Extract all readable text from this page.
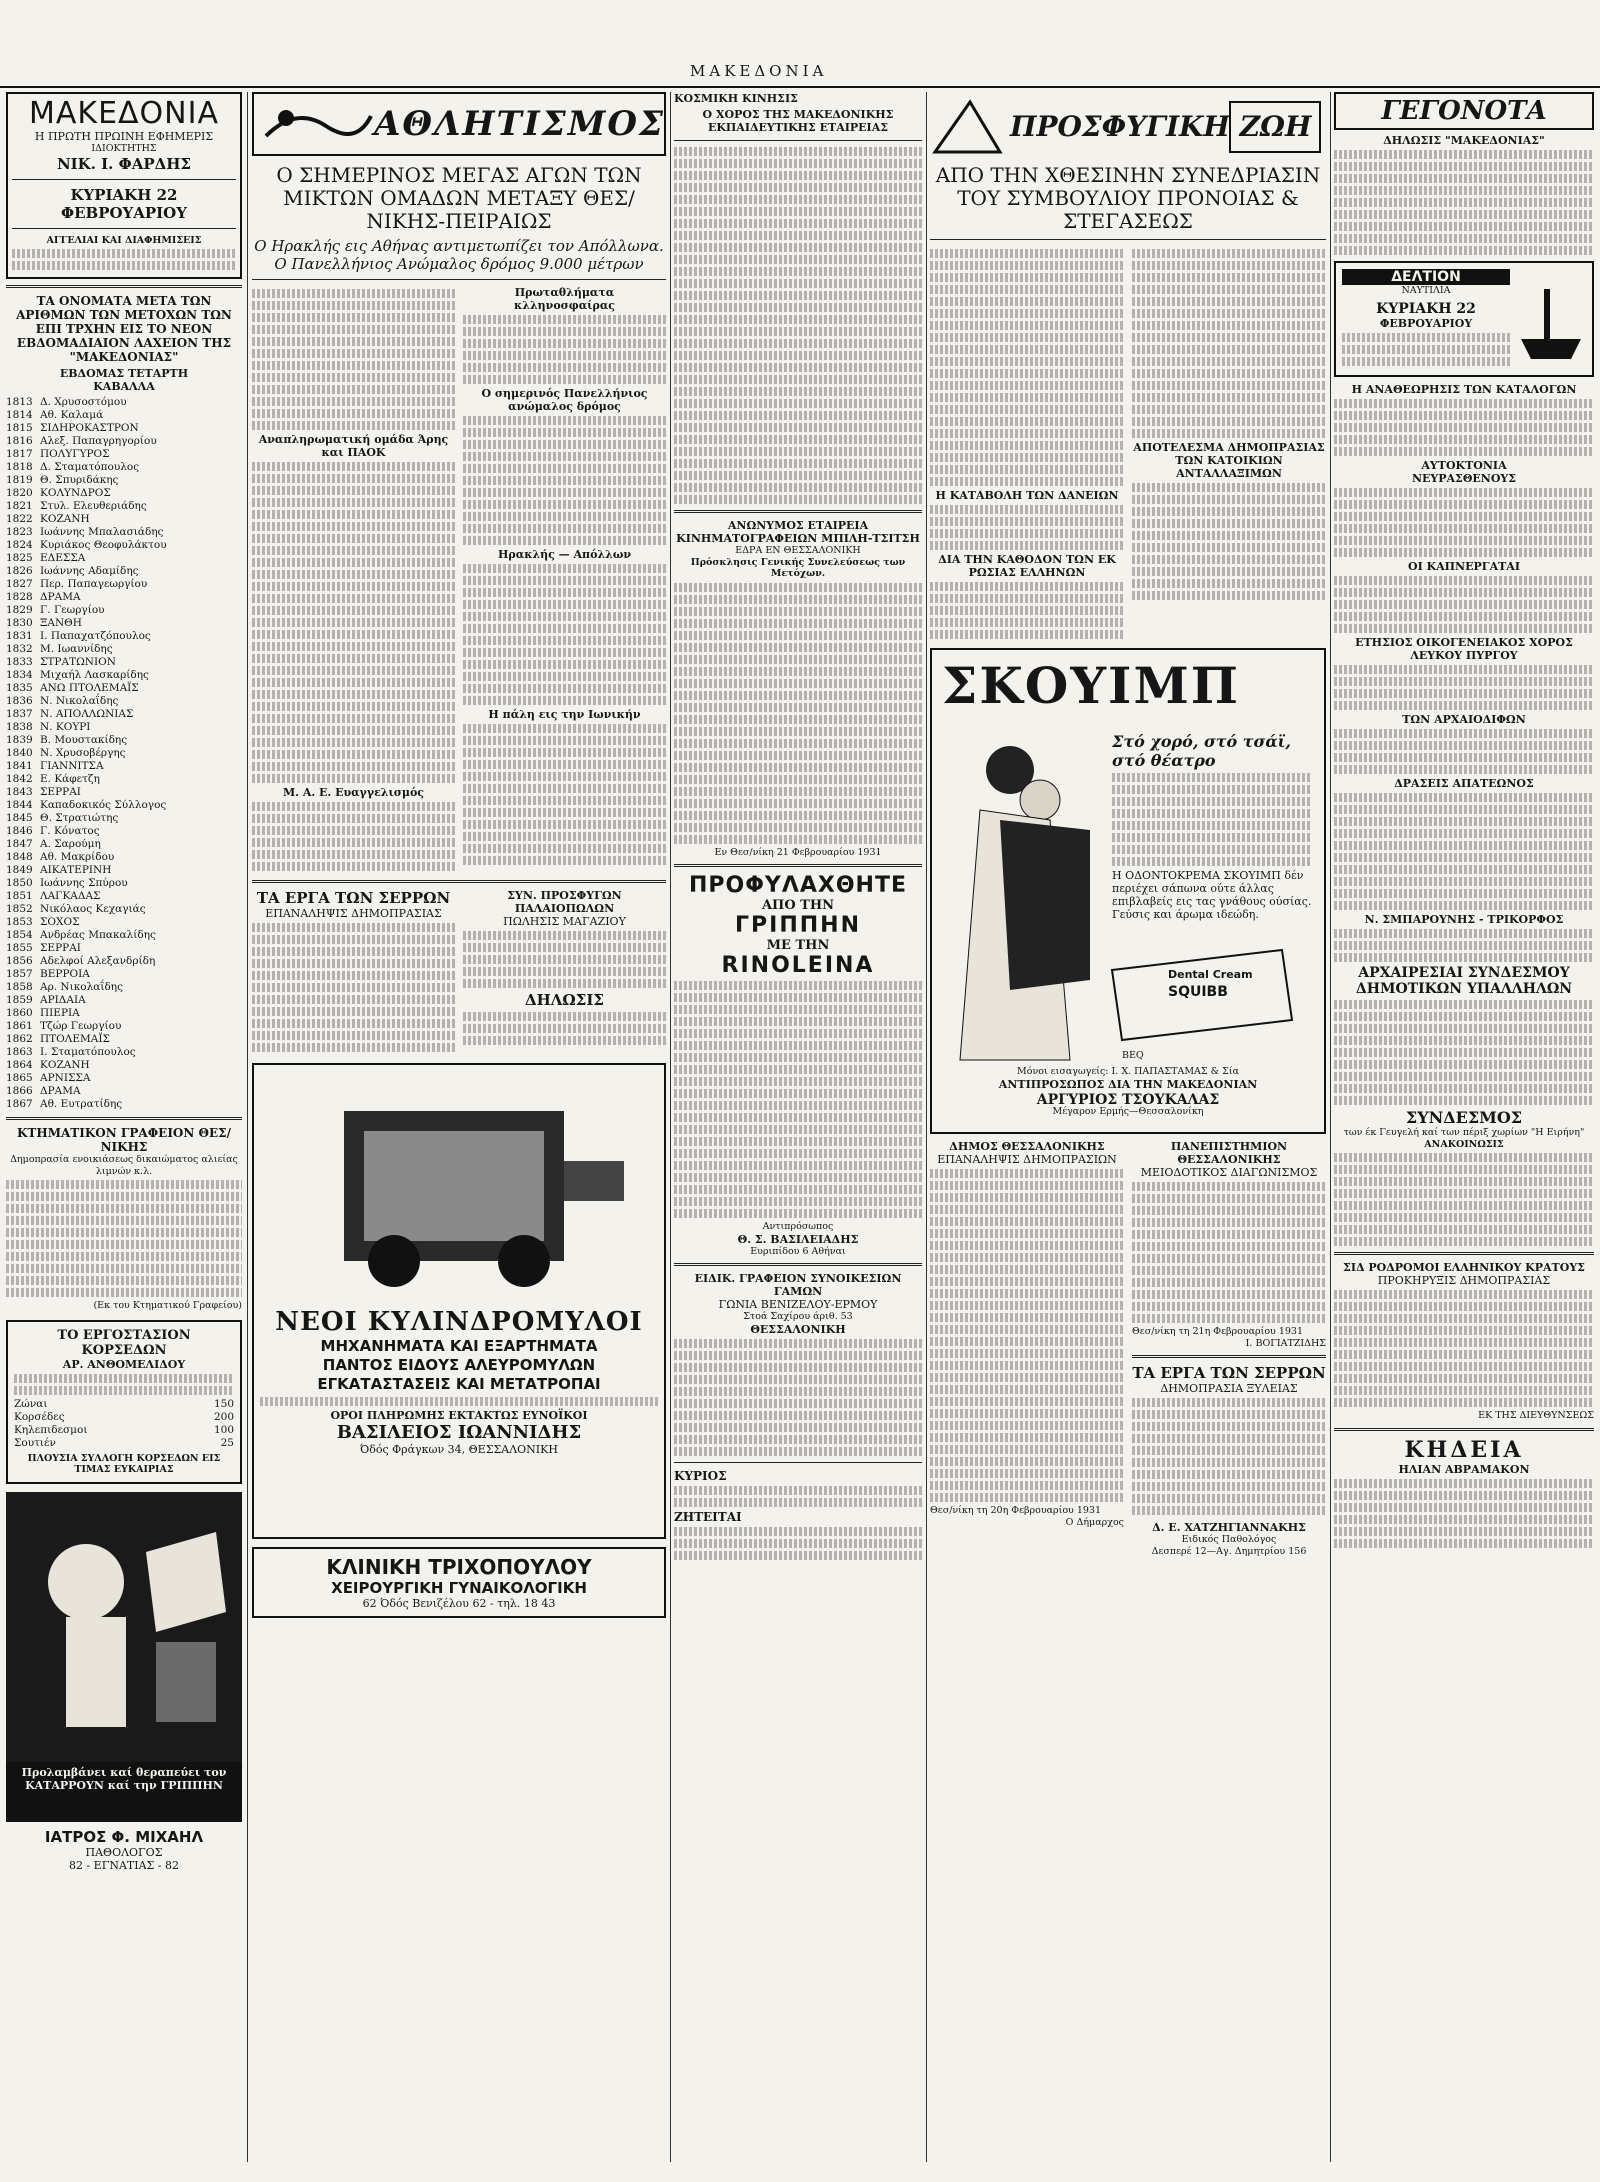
ΜΑΚΕΔΟΝΙΑ
ΜΑΚΕΔΟΝΙΑ
Η ΠΡΩΤΗ ΠΡΩΙΝΗ ΕΦΗΜΕΡΙΣ
ΙΔΙΟΚΤΗΤΗΣ
ΝΙΚ. Ι. ΦΑΡΔΗΣ
ΚΥΡΙΑΚΗ 22 ΦΕΒΡΟΥΑΡΙΟΥ
ΑΓΓΕΛΙΑΙ ΚΑΙ ΔΙΑΦΗΜΙΣΕΙΣ
ΤΑ ΟΝΟΜΑΤΑ ΜΕΤΑ ΤΩΝ ΑΡΙΘΜΩΝ ΤΩΝ ΜΕΤΟΧΩΝ ΤΩΝ ΕΠΙ ΤΡΧΗΝ ΕΙΣ ΤΟ ΝΕΟΝ ΕΒΔΟΜΑΔΙΑΙΟΝ ΛΑΧΕΙΟΝ ΤΗΣ "ΜΑΚΕΔΟΝΙΑΣ"
ΕΒΔΟΜΑΣ ΤΕΤΑΡΤΗ
ΚΑΒΑΛΛΑ
1813 Δ. Χρυσοστόμου
1814 Αθ. Καλαμά
1815 ΣΙΔΗΡΟΚΑΣΤΡΟΝ
1816 Αλεξ. Παπαγρηγορίου
1817 ΠΟΛΥΓΥΡΟΣ
1818 Δ. Σταματόπουλος
1819 Θ. Σπυριδάκης
1820 ΚΟΛΥΝΔΡΟΣ
1821 Στυλ. Ελευθεριάδης
1822 ΚΟΖΑΝΗ
1823 Ιωάννης Μπαλασιάδης
1824 Κυριάκος Θεοφυλάκτου
1825 ΕΔΕΣΣΑ
1826 Ιωάννης Αδαμίδης
1827 Περ. Παπαγεωργίου
1828 ΔΡΑΜΑ
1829 Γ. Γεωργίου
1830 ΞΑΝΘΗ
1831 Ι. Παπαχατζόπουλος
1832 Μ. Ιωαννίδης
1833 ΣΤΡΑΤΩΝΙΟΝ
1834 Μιχαήλ Λασκαρίδης
1835 ΑΝΩ ΠΤΟΛΕΜΑΪΣ
1836 Ν. Νικολαΐδης
1837 Ν. ΑΠΟΛΛΩΝΙΑΣ
1838 Ν. ΚΟΥΡΙ
1839 Β. Μουστακίδης
1840 Ν. Χρυσοβέργης
1841 ΓΙΑΝΝΙΤΣΑ
1842 Ε. Κάφετζη
1843 ΣΕΡΡΑΙ
1844 Καπαδοκικός Σύλλογος
1845 Θ. Στρατιώτης
1846 Γ. Κόνατος
1847 Α. Σαρούμη
1848 Αθ. Μακρίδου
1849 ΑΙΚΑΤΕΡΙΝΗ
1850 Ιωάννης Σπύρου
1851 ΛΑΓΚΑΔΑΣ
1852 Νικόλαος Κεχαγιάς
1853 ΣΟΧΟΣ
1854 Ανδρέας Μπακαλίδης
1855 ΣΕΡΡΑΙ
1856 Αδελφοί Αλεξανδρίδη
1857 ΒΕΡΡΟΙΑ
1858 Αρ. Νικολαΐδης
1859 ΑΡΙΔΑΙΑ
1860 ΠΙΕΡΙΑ
1861 Τζώρ Γεωργίου
1862 ΠΤΟΛΕΜΑΪΣ
1863 Ι. Σταματόπουλος
1864 ΚΟΖΑΝΗ
1865 ΑΡΝΙΣΣΑ
1866 ΔΡΑΜΑ
1867 Αθ. Ευτρατίδης
ΚΤΗΜΑΤΙΚΟΝ ΓΡΑΦΕΙΟΝ ΘΕΣ/ΝΙΚΗΣ
Δημοπρασία ενοικιάσεως δικαιώματος αλιείας λιμνών κ.λ.
(Εκ του Κτηματικού Γραφείου)
ΤΟ ΕΡΓΟΣΤΑΣΙΟΝ ΚΟΡΣΕΔΩΝ
ΑΡ. ΑΝΘΟΜΕΛΙΔΟΥ
Ζώναι	150
Κορσέδες	200
Κηλεπιδεσμοι	100
Σουτιέν	25
ΠΛΟΥΣΙΑ ΣΥΛΛΟΓΗ ΚΟΡΣΕΔΩΝ ΕΙΣ ΤΙΜΑΣ ΕΥΚΑΙΡΙΑΣ
Προλαμβάνει καί θεραπεύει τον ΚΑΤΑΡΡΟΥΝ καί την ΓΡΙΠΠΗΝ
ΙΑΤΡΟΣ Φ. ΜΙΧΑΗΛ
ΠΑΘΟΛΟΓΟΣ
82 - ΕΓΝΑΤΙΑΣ - 82
ΑΘΛΗΤΙΣΜΟΣ
Ο ΣΗΜΕΡΙΝΟΣ ΜΕΓΑΣ ΑΓΩΝ ΤΩΝ ΜΙΚΤΩΝ ΟΜΑΔΩΝ ΜΕΤΑΞΥ ΘΕΣ/ΝΙΚΗΣ-ΠΕΙΡΑΙΩΣ
Ο Ηρακλής εις Αθήνας αντιμετωπίζει τον Απόλλωνα. Ο Πανελλήνιος Ανώμαλος δρόμος 9.000 μέτρων
Αναπληρωματική ομάδα Άρης και ΠΑΟΚ
Μ. Α. Ε. Ευαγγελισμός
Πρωταθλήματα κλληνοσφαίρας
Ο σημερινός Πανελλήνιος ανώμαλος δρόμος
Ηρακλής — Απόλλων
Η πάλη εις την Ιωνικήν
ΤΑ ΕΡΓΑ ΤΩΝ ΣΕΡΡΩΝ
ΕΠΑΝΑΛΗΨΙΣ ΔΗΜΟΠΡΑΣΙΑΣ
ΣΥΝ. ΠΡΟΣΦΥΓΩΝ ΠΑΛΑΙΟΠΩΛΩΝ
ΠΩΛΗΣΙΣ ΜΑΓΑΖΙΟΥ
ΔΗΛΩΣΙΣ
ΝΕΟΙ ΚΥΛΙΝΔΡΟΜΥΛΟΙ
ΜΗΧΑΝΗΜΑΤΑ ΚΑΙ ΕΞΑΡΤΗΜΑΤΑ
ΠΑΝΤΟΣ ΕΙΔΟΥΣ ΑΛΕΥΡΟΜΥΛΩΝ
ΕΓΚΑΤΑΣΤΑΣΕΙΣ ΚΑΙ ΜΕΤΑΤΡΟΠΑΙ
ΟΡΟΙ ΠΛΗΡΩΜΗΣ ΕΚΤΑΚΤΩΣ ΕΥΝΟΪΚΟΙ
ΒΑΣΙΛΕΙΟΣ ΙΩΑΝΝΙΔΗΣ
Όδός Φράγκων 34, ΘΕΣΣΑΛΟΝΙΚΗ
ΚΛΙΝΙΚΗ ΤΡΙΧΟΠΟΥΛΟΥ
ΧΕΙΡΟΥΡΓΙΚΗ ΓΥΝΑΙΚΟΛΟΓΙΚΗ
62 Όδός Βενιζέλου 62 - τηλ. 18 43
ΚΟΣΜΙΚΗ ΚΙΝΗΣΙΣ
Ο ΧΟΡΟΣ ΤΗΣ ΜΑΚΕΔΟΝΙΚΗΣ ΕΚΠΑΙΔΕΥΤΙΚΗΣ ΕΤΑΙΡΕΙΑΣ
ΑΝΩΝΥΜΟΣ ΕΤΑΙΡΕΙΑ
ΚΙΝΗΜΑΤΟΓΡΑΦΕΙΩΝ ΜΠΙΛΗ-ΤΣΙΤΣΗ
ΕΔΡΑ ΕΝ ΘΕΣΣΑΛΟΝΙΚΗ
Πρόσκλησις Γενικής Συνελεύσεως των Μετόχων.
Εν Θεσ/νίκη 21 Φεβρουαρίου 1931
ΠΡΟΦΥΛΑΧΘΗΤΕ
ΑΠΟ ΤΗΝ
ΓΡΙΠΠΗΝ
ΜΕ ΤΗΝ
RINOLEINA
Αντιπρόσωπος
Θ. Σ. ΒΑΣΙΛΕΙΑΔΗΣ
Ευριπίδου 6 Αθήναι
ΕΙΔΙΚ. ΓΡΑΦΕΙΟΝ ΣΥΝΟΙΚΕΣΙΩΝ ΓΑΜΩΝ
ΓΩΝΙΑ ΒΕΝΙΖΕΛΟΥ-ΕΡΜΟΥ
Στοά Σαχίρου άριθ. 53
ΘΕΣΣΑΛΟΝΙΚΗ
ΚΥΡΙΟΣ
ΖΗΤΕΙΤΑΙ
ΠΡΟΣΦΥΓΙΚΗ ΖΩΗ
ΑΠΟ ΤΗΝ ΧΘΕΣΙΝΗΝ ΣΥΝΕΔΡΙΑΣΙΝ ΤΟΥ ΣΥΜΒΟΥΛΙΟΥ ΠΡΟΝΟΙΑΣ & ΣΤΕΓΑΣΕΩΣ
Η ΚΑΤΑΒΟΛΗ ΤΩΝ ΔΑΝΕΙΩΝ
ΔΙΑ ΤΗΝ ΚΑΘΟΔΟΝ ΤΩΝ ΕΚ ΡΩΣΙΑΣ ΕΛΛΗΝΩΝ
ΑΠΟΤΕΛΕΣΜΑ ΔΗΜΟΠΡΑΣΙΑΣ ΤΩΝ ΚΑΤΟΙΚΙΩΝ ΑΝΤΑΛΛΑΞΙΜΩΝ
ΣΚΟΥΙΜΠ
Στό χορό, στό τσάϊ,
στό θέατρο
Η ΟΔΟΝΤΟΚΡΕΜΑ ΣΚΟΥΙΜΠ δέν περιέχει σάπωνα ούτε άλλας επιβλαβείς εις τας γνάθους ούσίας. Γεύσις και άρωμα ιδεώδη.
Dental Cream
SQUIBB
BEQ
Μόνοι εισαγωγείς: Ι. Χ. ΠΑΠΑΣΤΑΜΑΣ & Σία
ΑΝΤΙΠΡΟΣΩΠΟΣ ΔΙΑ ΤΗΝ ΜΑΚΕΔΟΝΙΑΝ
ΑΡΓΥΡΙΟΣ ΤΣΟΥΚΑΛΑΣ
Μέγαρον Ερμής—Θεσσαλονίκη
ΔΗΜΟΣ ΘΕΣΣΑΛΟΝΙΚΗΣ
ΕΠΑΝΑΛΗΨΙΣ ΔΗΜΟΠΡΑΣΙΩΝ
Θεσ/νίκη τη 20η Φεβρουαρίου 1931
Ο Δήμαρχος
ΠΑΝΕΠΙΣΤΗΜΙΟΝ ΘΕΣΣΑΛΟΝΙΚΗΣ
ΜΕΙΟΔΟΤΙΚΟΣ ΔΙΑΓΩΝΙΣΜΟΣ
Θεσ/νίκη τη 21η Φεβρουαρίου 1931
Ι. ΒΟΓΙΑΤΖΙΔΗΣ
ΤΑ ΕΡΓΑ ΤΩΝ ΣΕΡΡΩΝ
ΔΗΜΟΠΡΑΣΙΑ ΞΥΛΕΙΑΣ
Δ. Ε. ΧΑΤΖΗΓΙΑΝΝΑΚΗΣ
Ειδικός Παθολόγος
Δεσπερέ 12—Αγ. Δημητρίου 156
ΓΕΓΟΝΟΤΑ
ΔΗΛΩΣΙΣ "ΜΑΚΕΔΟΝΙΑΣ"
ΔΕΛΤΙΟΝ
ΝΑΥΤΙΛΙΑ
ΚΥΡΙΑΚΗ 22
ΦΕΒΡΟΥΑΡΙΟΥ
Η ΑΝΑΘΕΩΡΗΣΙΣ ΤΩΝ ΚΑΤΑΛΟΓΩΝ
ΑΥΤΟΚΤΟΝΙΑ
ΝΕΥΡΑΣΘΕΝΟΥΣ
ΟΙ ΚΑΠΝΕΡΓΑΤΑΙ
ΕΤΗΣΙΟΣ ΟΙΚΟΓΕΝΕΙΑΚΟΣ ΧΟΡΟΣ ΛΕΥΚΟΥ ΠΥΡΓΟΥ
ΤΩΝ ΑΡΧΑΙΟΔΙΦΩΝ
ΔΡΑΣΕΙΣ ΑΠΑΤΕΩΝΟΣ
Ν. ΣΜΠΑΡΟΥΝΗΣ - ΤΡΙΚΟΡΦΟΣ
ΑΡΧΑΙΡΕΣΙΑΙ ΣΥΝΔΕΣΜΟΥ ΔΗΜΟΤΙΚΩΝ ΥΠΑΛΛΗΛΩΝ
ΣΥΝΔΕΣΜΟΣ
των έκ Γευγελή καί των πέριξ χωρίων "Η Ειρήνη"
ΑΝΑΚΟΙΝΩΣΙΣ
ΣΙΔ ΡΟΔΡΟΜΟΙ ΕΛΛΗΝΙΚΟΥ ΚΡΑΤΟΥΣ
ΠΡΟΚΗΡΥΞΙΣ ΔΗΜΟΠΡΑΣΙΑΣ
ΕΚ ΤΗΣ ΔΙΕΥΘΥΝΣΕΩΣ
ΚΗΔΕΙΑ
ΗΛΙΑΝ ΑΒΡΑΜΑΚΟΝ
